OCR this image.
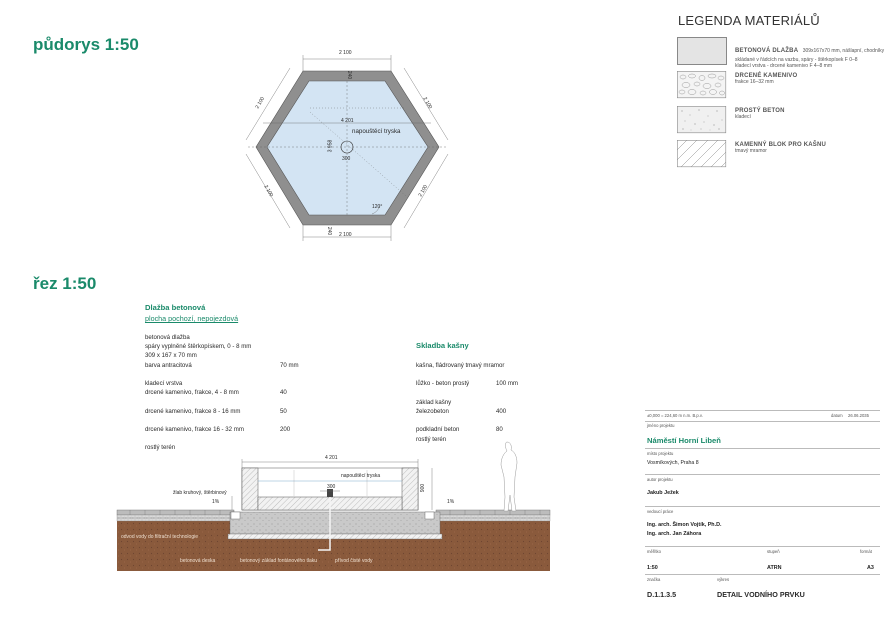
půdorys 1:50	2 100
240
2 100	2 100
4 201
napouštěcí tryska
3 958
300
2 100	2 100
120°
240 2 100
LEGENDA MATERIÁLŮ
BETONOVÁ DLAŽBA 309x167x70 mm, nášlapní, chodníky
skládané v řádcích na vazbu, spáry - štěrkopísek F 0–8
kladecí vrstva - drcené kamenivo F 4–8 mm
DRCENÉ KAMENIVO
frakce 16–32 mm
PROSTÝ BETON
kladecí
KAMENNÝ BLOK PRO KAŠNU
tmavý mramor
řez 1:50
Dlažba betonová
plocha pochozí, nepojezdová
betonová dlažba
spáry vyplněné štěrkopískem, 0 - 8 mm
309 x 167 x 70 mm
barva antracitová	70 mm
kladecí vrstva
drcené kamenivo, frakce, 4 - 8 mm	40
drcené kamenivo, frakce 8 - 16 mm	50
drcené kamenivo, frakce 16 - 32 mm	200
rostlý terén
Skladba kašny
kašna, fládrovaný tmavý mramor
lůžko - beton prostý	100 mm
základ kašny
železobeton	400
podkladní beton	80
rostlý terén
4 201
napouštěcí tryska
300	900
žlab kruhový, štěrbinový
1%	1%
odvod vody do filtrační technologie
betonová deska	betonový základ fontánového tlaku	přívod čisté vody
±0,000 = 224,60 m n.m. B.p.v.	datum 26.06.2035
jméno projektu
Náměstí Horní Libeň
místo projektu
Vosmíkových, Praha 8
autor projektu
Jakub Ježek
vedoucí práce
Ing. arch. Šimon Vojtík, Ph.D.
Ing. arch. Jan Záhora
měřítko	stupeň	formát
1:50	ATRN	A3
značka	výkres
D.1.1.3.5	DETAIL VODNÍHO PRVKU
